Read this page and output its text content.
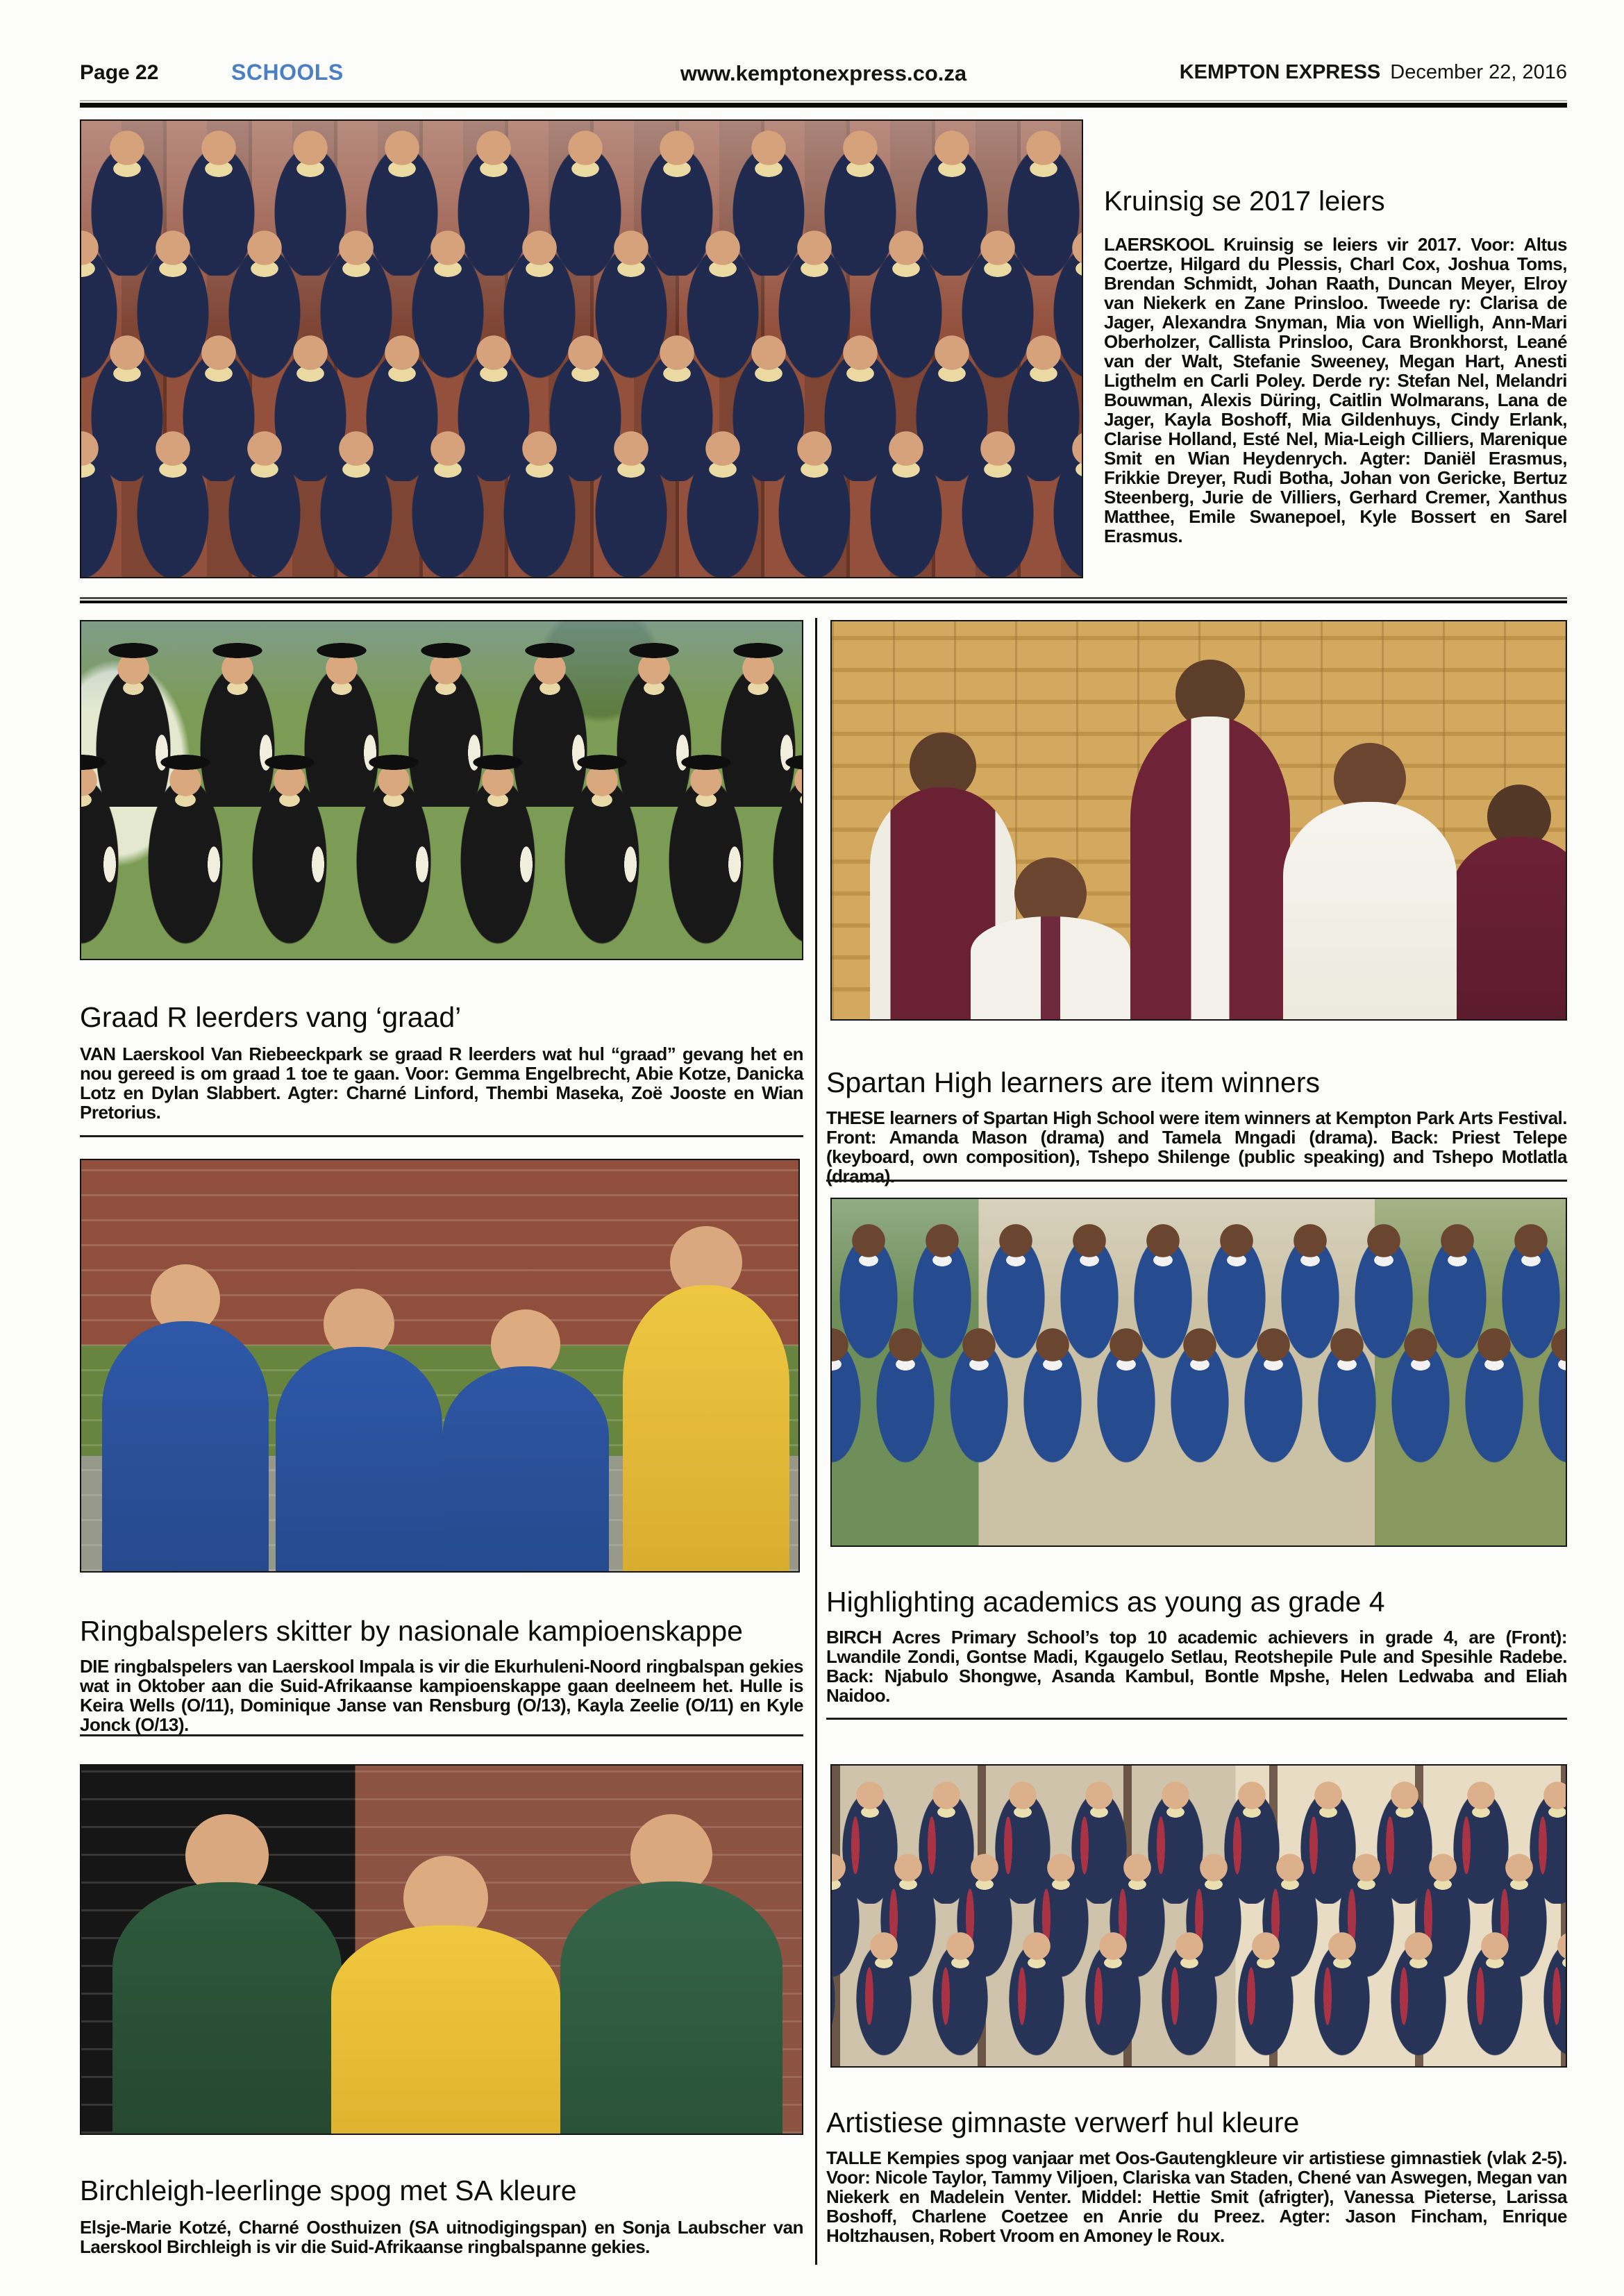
Page 22	SCHOOLS	www.kemptonexpress.co.za	KEMPTON EXPRESS December 22, 2016
Kruinsig se 2017 leiers

LAERSKOOL Kruinsig se leiers vir 2017. Voor: Altus Coertze, Hilgard du Plessis, Charl Cox, Joshua Toms, Brendan Schmidt, Johan Raath, Duncan Meyer, Elroy van Niekerk en Zane Prinsloo. Tweede ry: Clarisa de Jager, Alexandra Snyman, Mia von Wielligh, Ann-Mari Oberholzer, Callista Prinsloo, Cara Bronkhorst, Leané van der Walt, Stefanie Sweeney, Megan Hart, Anesti Ligthelm en Carli Poley. Derde ry: Stefan Nel, Melandri Bouwman, Alexis Düring, Caitlin Wolmarans, Lana de Jager, Kayla Boshoff, Mia Gildenhuys, Cindy Erlank, Clarise Holland, Esté Nel, Mia-Leigh Cilliers, Marenique Smit en Wian Heydenrych. Agter: Daniël Erasmus, Frikkie Dreyer, Rudi Botha, Johan von Gericke, Bertuz Steenberg, Jurie de Villiers, Gerhard Cremer, Xanthus Matthee, Emile Swanepoel, Kyle Bossert en Sarel Erasmus.

Graad R leerders vang ‘graad’

VAN Laerskool Van Riebeeckpark se graad R leerders wat hul “graad” gevang het en nou gereed is om graad 1 toe te gaan. Voor: Gemma Engelbrecht, Abie Kotze, Danicka Lotz en Dylan Slabbert. Agter: Charné Linford, Thembi Maseka, Zoë Jooste en Wian Pretorius.

Spartan High learners are item winners

THESE learners of Spartan High School were item winners at Kempton Park Arts Festival. Front: Amanda Mason (drama) and Tamela Mngadi (drama). Back: Priest Telepe (keyboard, own composition), Tshepo Shilenge (public speaking) and Tshepo Motlatla (drama).

Ringbalspelers skitter by nasionale kampioenskappe

DIE ringbalspelers van Laerskool Impala is vir die Ekurhuleni-Noord ringbalspan gekies wat in Oktober aan die Suid-Afrikaanse kampioenskappe gaan deelneem het. Hulle is Keira Wells (O/11), Dominique Janse van Rensburg (O/13), Kayla Zeelie (O/11) en Kyle Jonck (O/13).

Highlighting academics as young as grade 4

BIRCH Acres Primary School’s top 10 academic achievers in grade 4, are (Front): Lwandile Zondi, Gontse Madi, Kgaugelo Setlau, Reotshepile Pule and Spesihle Radebe. Back: Njabulo Shongwe, Asanda Kambul, Bontle Mpshe, Helen Ledwaba and Eliah Naidoo.

Birchleigh-leerlinge spog met SA kleure

Elsje-Marie Kotzé, Charné Oosthuizen (SA uitnodigingspan) en Sonja Laubscher van Laerskool Birchleigh is vir die Suid-Afrikaanse ringbalspanne gekies.

Artistiese gimnaste verwerf hul kleure

TALLE Kempies spog vanjaar met Oos-Gautengkleure vir artistiese gimnastiek (vlak 2-5). Voor: Nicole Taylor, Tammy Viljoen, Clariska van Staden, Chené van Aswegen, Megan van Niekerk en Madelein Venter. Middel: Hettie Smit (afrigter), Vanessa Pieterse, Larissa Boshoff, Charlene Coetzee en Anrie du Preez. Agter: Jason Fincham, Enrique Holtzhausen, Robert Vroom en Amoney le Roux.
